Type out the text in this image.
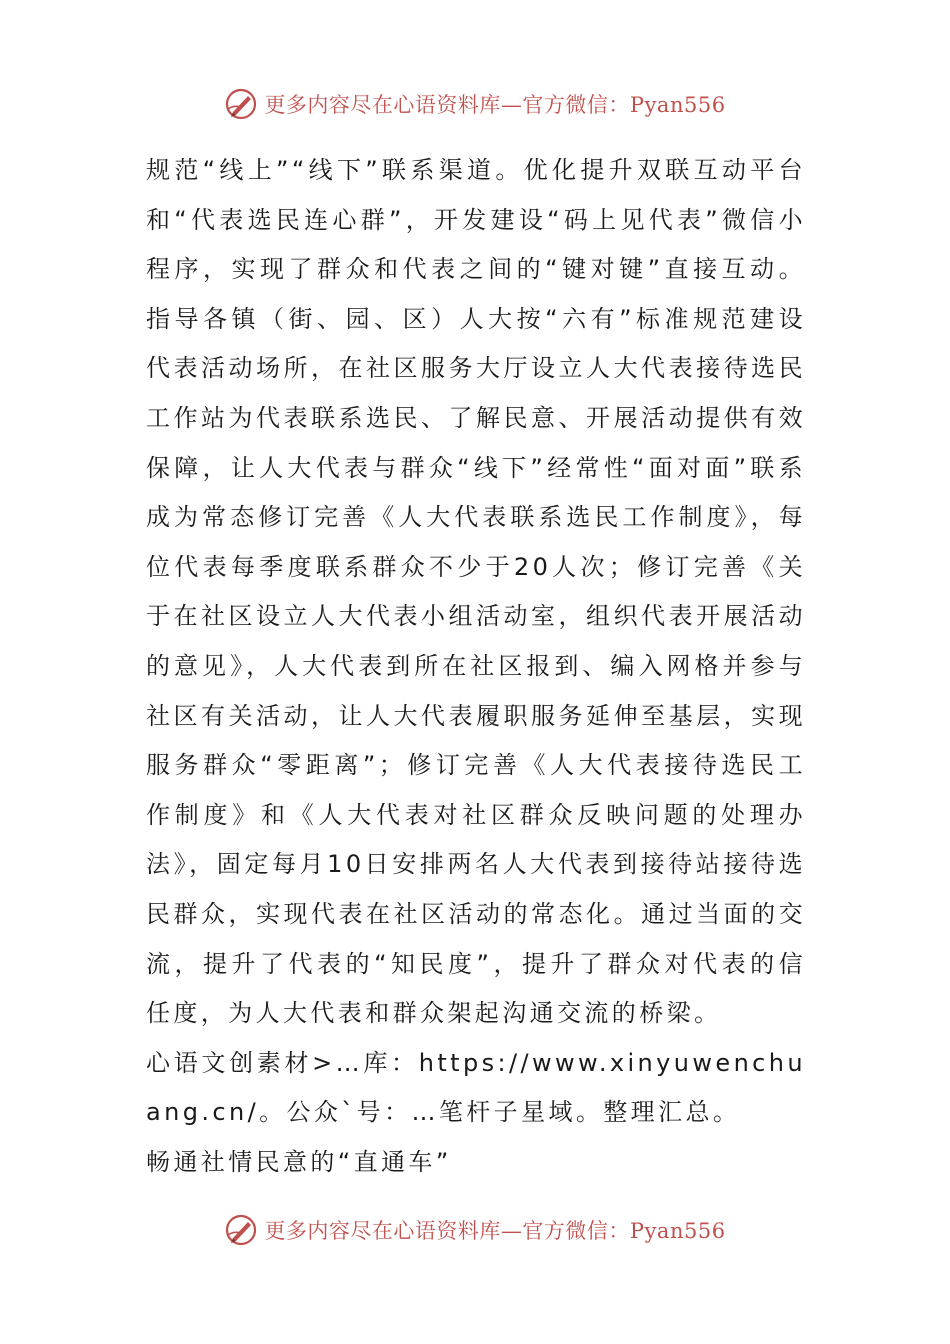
更多内容尽在心语资料库—官方微信：Pyan556

规范“线上”“线下”联系渠道。优化提升双联互动平台和“代表选民连心群”，开发建设“码上见代表”微信小程序，实现了群众和代表之间的“键对键”直接互动。指导各镇（街、园、区）人大按“六有”标准规范建设代表活动场所，在社区服务大厅设立人大代表接待选民工作站为代表联系选民、了解民意、开展活动提供有效保障，让人大代表与群众“线下”经常性“面对面”联系成为常态修订完善《人大代表联系选民工作制度》，每位代表每季度联系群众不少于20人次；修订完善《关于在社区设立人大代表小组活动室，组织代表开展活动的意见》，人大代表到所在社区报到、编入网格并参与社区有关活动，让人大代表履职服务延伸至基层，实现服务群众“零距离”；修订完善《人大代表接待选民工作制度》和《人大代表对社区群众反映问题的处理办法》，固定每月10日安排两名人大代表到接待站接待选民群众，实现代表在社区活动的常态化。通过当面的交流，提升了代表的“知民度”，提升了群众对代表的信任度，为人大代表和群众架起沟通交流的桥梁。

心语文创素材>…库：https://www.xinyuwenchuang.cn/。公众`号：…笔杆子星域。整理汇总。

畅通社情民意的“直通车”

更多内容尽在心语资料库—官方微信：Pyan556
